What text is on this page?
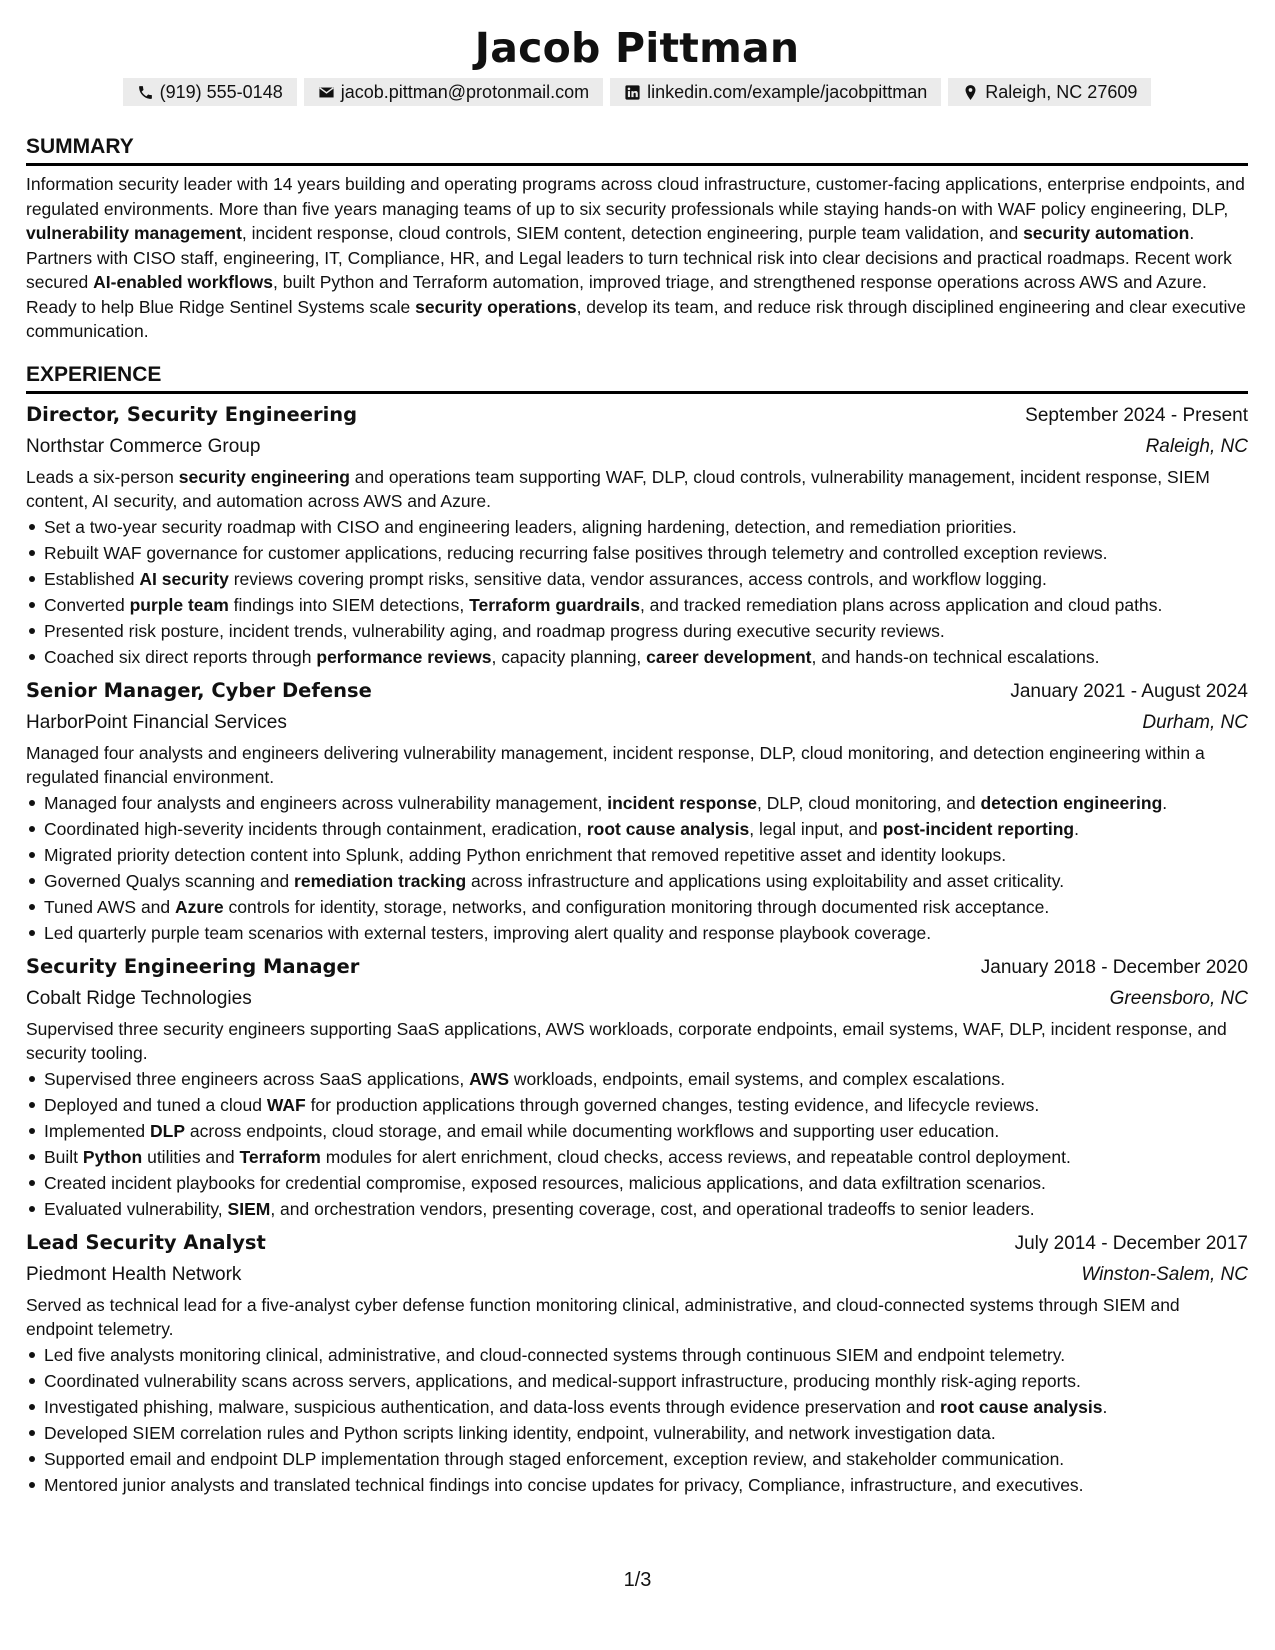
Jacob Pittman
(919) 555-0148	jacob.pittman@protonmail.com	linkedin.com/example/jacobpittman	Raleigh, NC 27609
SUMMARY

Information security leader with 14 years building and operating programs across cloud infrastructure, customer-facing applications, enterprise endpoints, and regulated environments. More than five years managing teams of up to six security professionals while staying hands-on with WAF policy engineering, DLP, vulnerability management, incident response, cloud controls, SIEM content, detection engineering, purple team validation, and security automation. Partners with CISO staff, engineering, IT, Compliance, HR, and Legal leaders to turn technical risk into clear decisions and practical roadmaps. Recent work secured AI-enabled workflows, built Python and Terraform automation, improved triage, and strengthened response operations across AWS and Azure. Ready to help Blue Ridge Sentinel Systems scale security operations, develop its team, and reduce risk through disciplined engineering and clear executive communication.

EXPERIENCE
Director, Security Engineering	September 2024 - Present
Northstar Commerce Group	Raleigh, NC

Leads a six-person security engineering and operations team supporting WAF, DLP, cloud controls, vulnerability management, incident response, SIEM content, AI security, and automation across AWS and Azure.

Set a two-year security roadmap with CISO and engineering leaders, aligning hardening, detection, and remediation priorities.
Rebuilt WAF governance for customer applications, reducing recurring false positives through telemetry and controlled exception reviews.
Established AI security reviews covering prompt risks, sensitive data, vendor assurances, access controls, and workflow logging.
Converted purple team findings into SIEM detections, Terraform guardrails, and tracked remediation plans across application and cloud paths.
Presented risk posture, incident trends, vulnerability aging, and roadmap progress during executive security reviews.
Coached six direct reports through performance reviews, capacity planning, career development, and hands-on technical escalations.
Senior Manager, Cyber Defense	January 2021 - August 2024
HarborPoint Financial Services	Durham, NC

Managed four analysts and engineers delivering vulnerability management, incident response, DLP, cloud monitoring, and detection engineering within a regulated financial environment.

Managed four analysts and engineers across vulnerability management, incident response, DLP, cloud monitoring, and detection engineering.
Coordinated high-severity incidents through containment, eradication, root cause analysis, legal input, and post-incident reporting.
Migrated priority detection content into Splunk, adding Python enrichment that removed repetitive asset and identity lookups.
Governed Qualys scanning and remediation tracking across infrastructure and applications using exploitability and asset criticality.
Tuned AWS and Azure controls for identity, storage, networks, and configuration monitoring through documented risk acceptance.
Led quarterly purple team scenarios with external testers, improving alert quality and response playbook coverage.
Security Engineering Manager	January 2018 - December 2020
Cobalt Ridge Technologies	Greensboro, NC

Supervised three security engineers supporting SaaS applications, AWS workloads, corporate endpoints, email systems, WAF, DLP, incident response, and security tooling.

Supervised three engineers across SaaS applications, AWS workloads, endpoints, email systems, and complex escalations.
Deployed and tuned a cloud WAF for production applications through governed changes, testing evidence, and lifecycle reviews.
Implemented DLP across endpoints, cloud storage, and email while documenting workflows and supporting user education.
Built Python utilities and Terraform modules for alert enrichment, cloud checks, access reviews, and repeatable control deployment.
Created incident playbooks for credential compromise, exposed resources, malicious applications, and data exfiltration scenarios.
Evaluated vulnerability, SIEM, and orchestration vendors, presenting coverage, cost, and operational tradeoffs to senior leaders.
Lead Security Analyst	July 2014 - December 2017
Piedmont Health Network	Winston-Salem, NC

Served as technical lead for a five-analyst cyber defense function monitoring clinical, administrative, and cloud-connected systems through SIEM and endpoint telemetry.

Led five analysts monitoring clinical, administrative, and cloud-connected systems through continuous SIEM and endpoint telemetry.
Coordinated vulnerability scans across servers, applications, and medical-support infrastructure, producing monthly risk-aging reports.
Investigated phishing, malware, suspicious authentication, and data-loss events through evidence preservation and root cause analysis.
Developed SIEM correlation rules and Python scripts linking identity, endpoint, vulnerability, and network investigation data.
Supported email and endpoint DLP implementation through staged enforcement, exception review, and stakeholder communication.
Mentored junior analysts and translated technical findings into concise updates for privacy, Compliance, infrastructure, and executives.
1/3
